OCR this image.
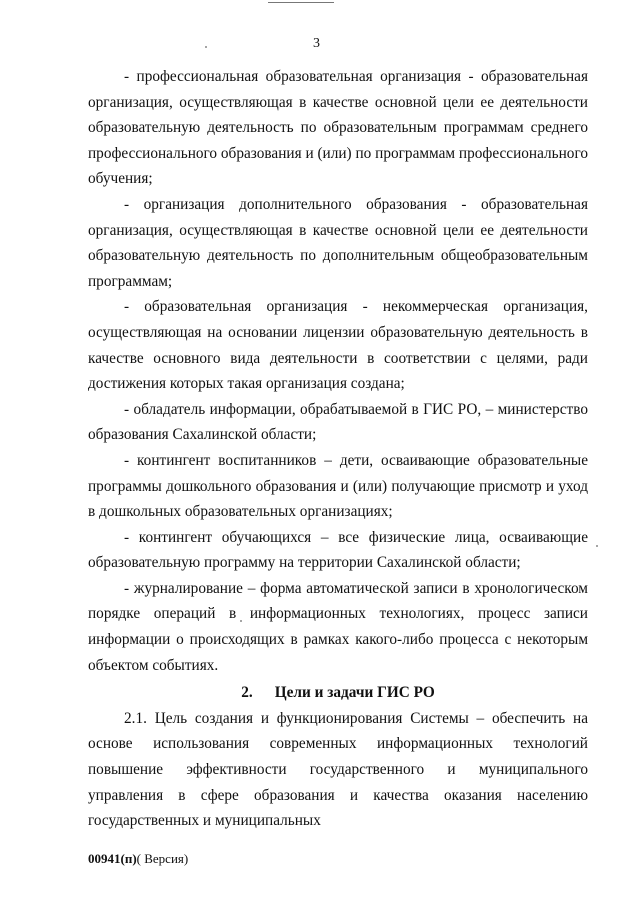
3

- профессиональная образовательная организация - образовательная организация, осуществляющая в качестве основной цели ее деятельности образовательную деятельность по образовательным программам среднего профессионального образования и (или) по программам профессионального обучения;

- организация дополнительного образования - образовательная организация, осуществляющая в качестве основной цели ее деятельности образовательную деятельность по дополнительным общеобразовательным программам;

- образовательная организация - некоммерческая организация, осуществляющая на основании лицензии образовательную деятельность в качестве основного вида деятельности в соответствии с целями, ради достижения которых такая организация создана;

- обладатель информации, обрабатываемой в ГИС РО, – министерство образования Сахалинской области;

- контингент воспитанников – дети, осваивающие образовательные программы дошкольного образования и (или) получающие присмотр и уход в дошкольных образовательных организациях;

- контингент обучающихся – все физические лица, осваивающие образовательную программу на территории Сахалинской области;

- журналирование – форма автоматической записи в хронологическом порядке операций в информационных технологиях, процесс записи информации о происходящих в рамках какого-либо процесса с некоторым объектом событиях.

2. Цели и задачи ГИС РО

2.1. Цель создания и функционирования Системы – обеспечить на основе использования современных информационных технологий повышение эффективности государственного и муниципального управления в сфере образования и качества оказания населению государственных и муниципальных

00941(п)( Версия)
